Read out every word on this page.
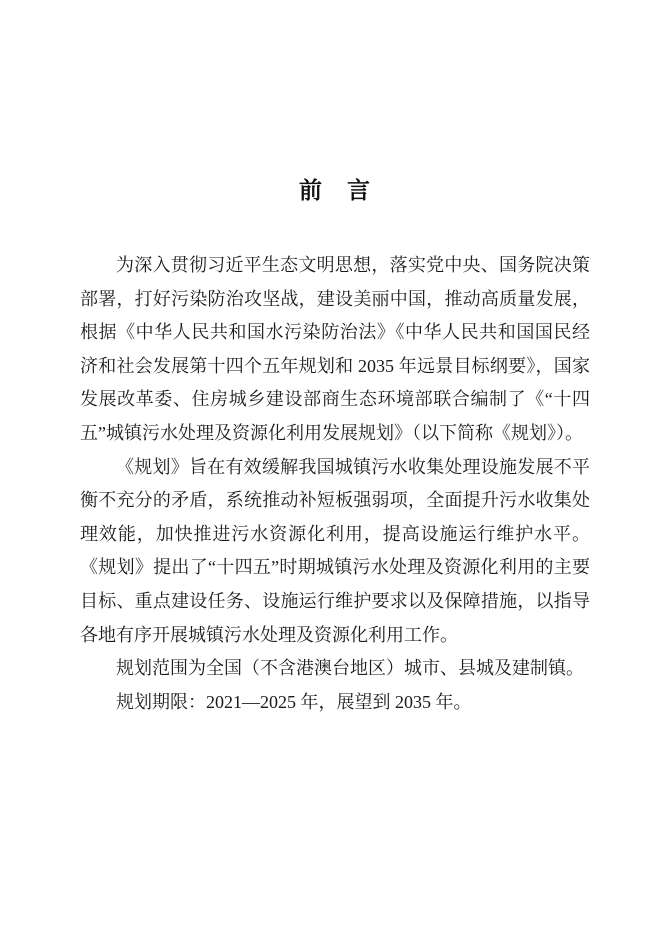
前　言

为深入贯彻习近平生态文明思想，落实党中央、国务院决策部署，打好污染防治攻坚战，建设美丽中国，推动高质量发展，根据《中华人民共和国水污染防治法》《中华人民共和国国民经济和社会发展第十四个五年规划和 2035 年远景目标纲要》，国家发展改革委、住房城乡建设部商生态环境部联合编制了《“十四五”城镇污水处理及资源化利用发展规划》（以下简称《规划》）。

《规划》旨在有效缓解我国城镇污水收集处理设施发展不平衡不充分的矛盾，系统推动补短板强弱项，全面提升污水收集处理效能，加快推进污水资源化利用，提高设施运行维护水平。《规划》提出了“十四五”时期城镇污水处理及资源化利用的主要目标、重点建设任务、设施运行维护要求以及保障措施，以指导各地有序开展城镇污水处理及资源化利用工作。

规划范围为全国（不含港澳台地区）城市、县城及建制镇。

规划期限：2021—2025 年，展望到 2035 年。
